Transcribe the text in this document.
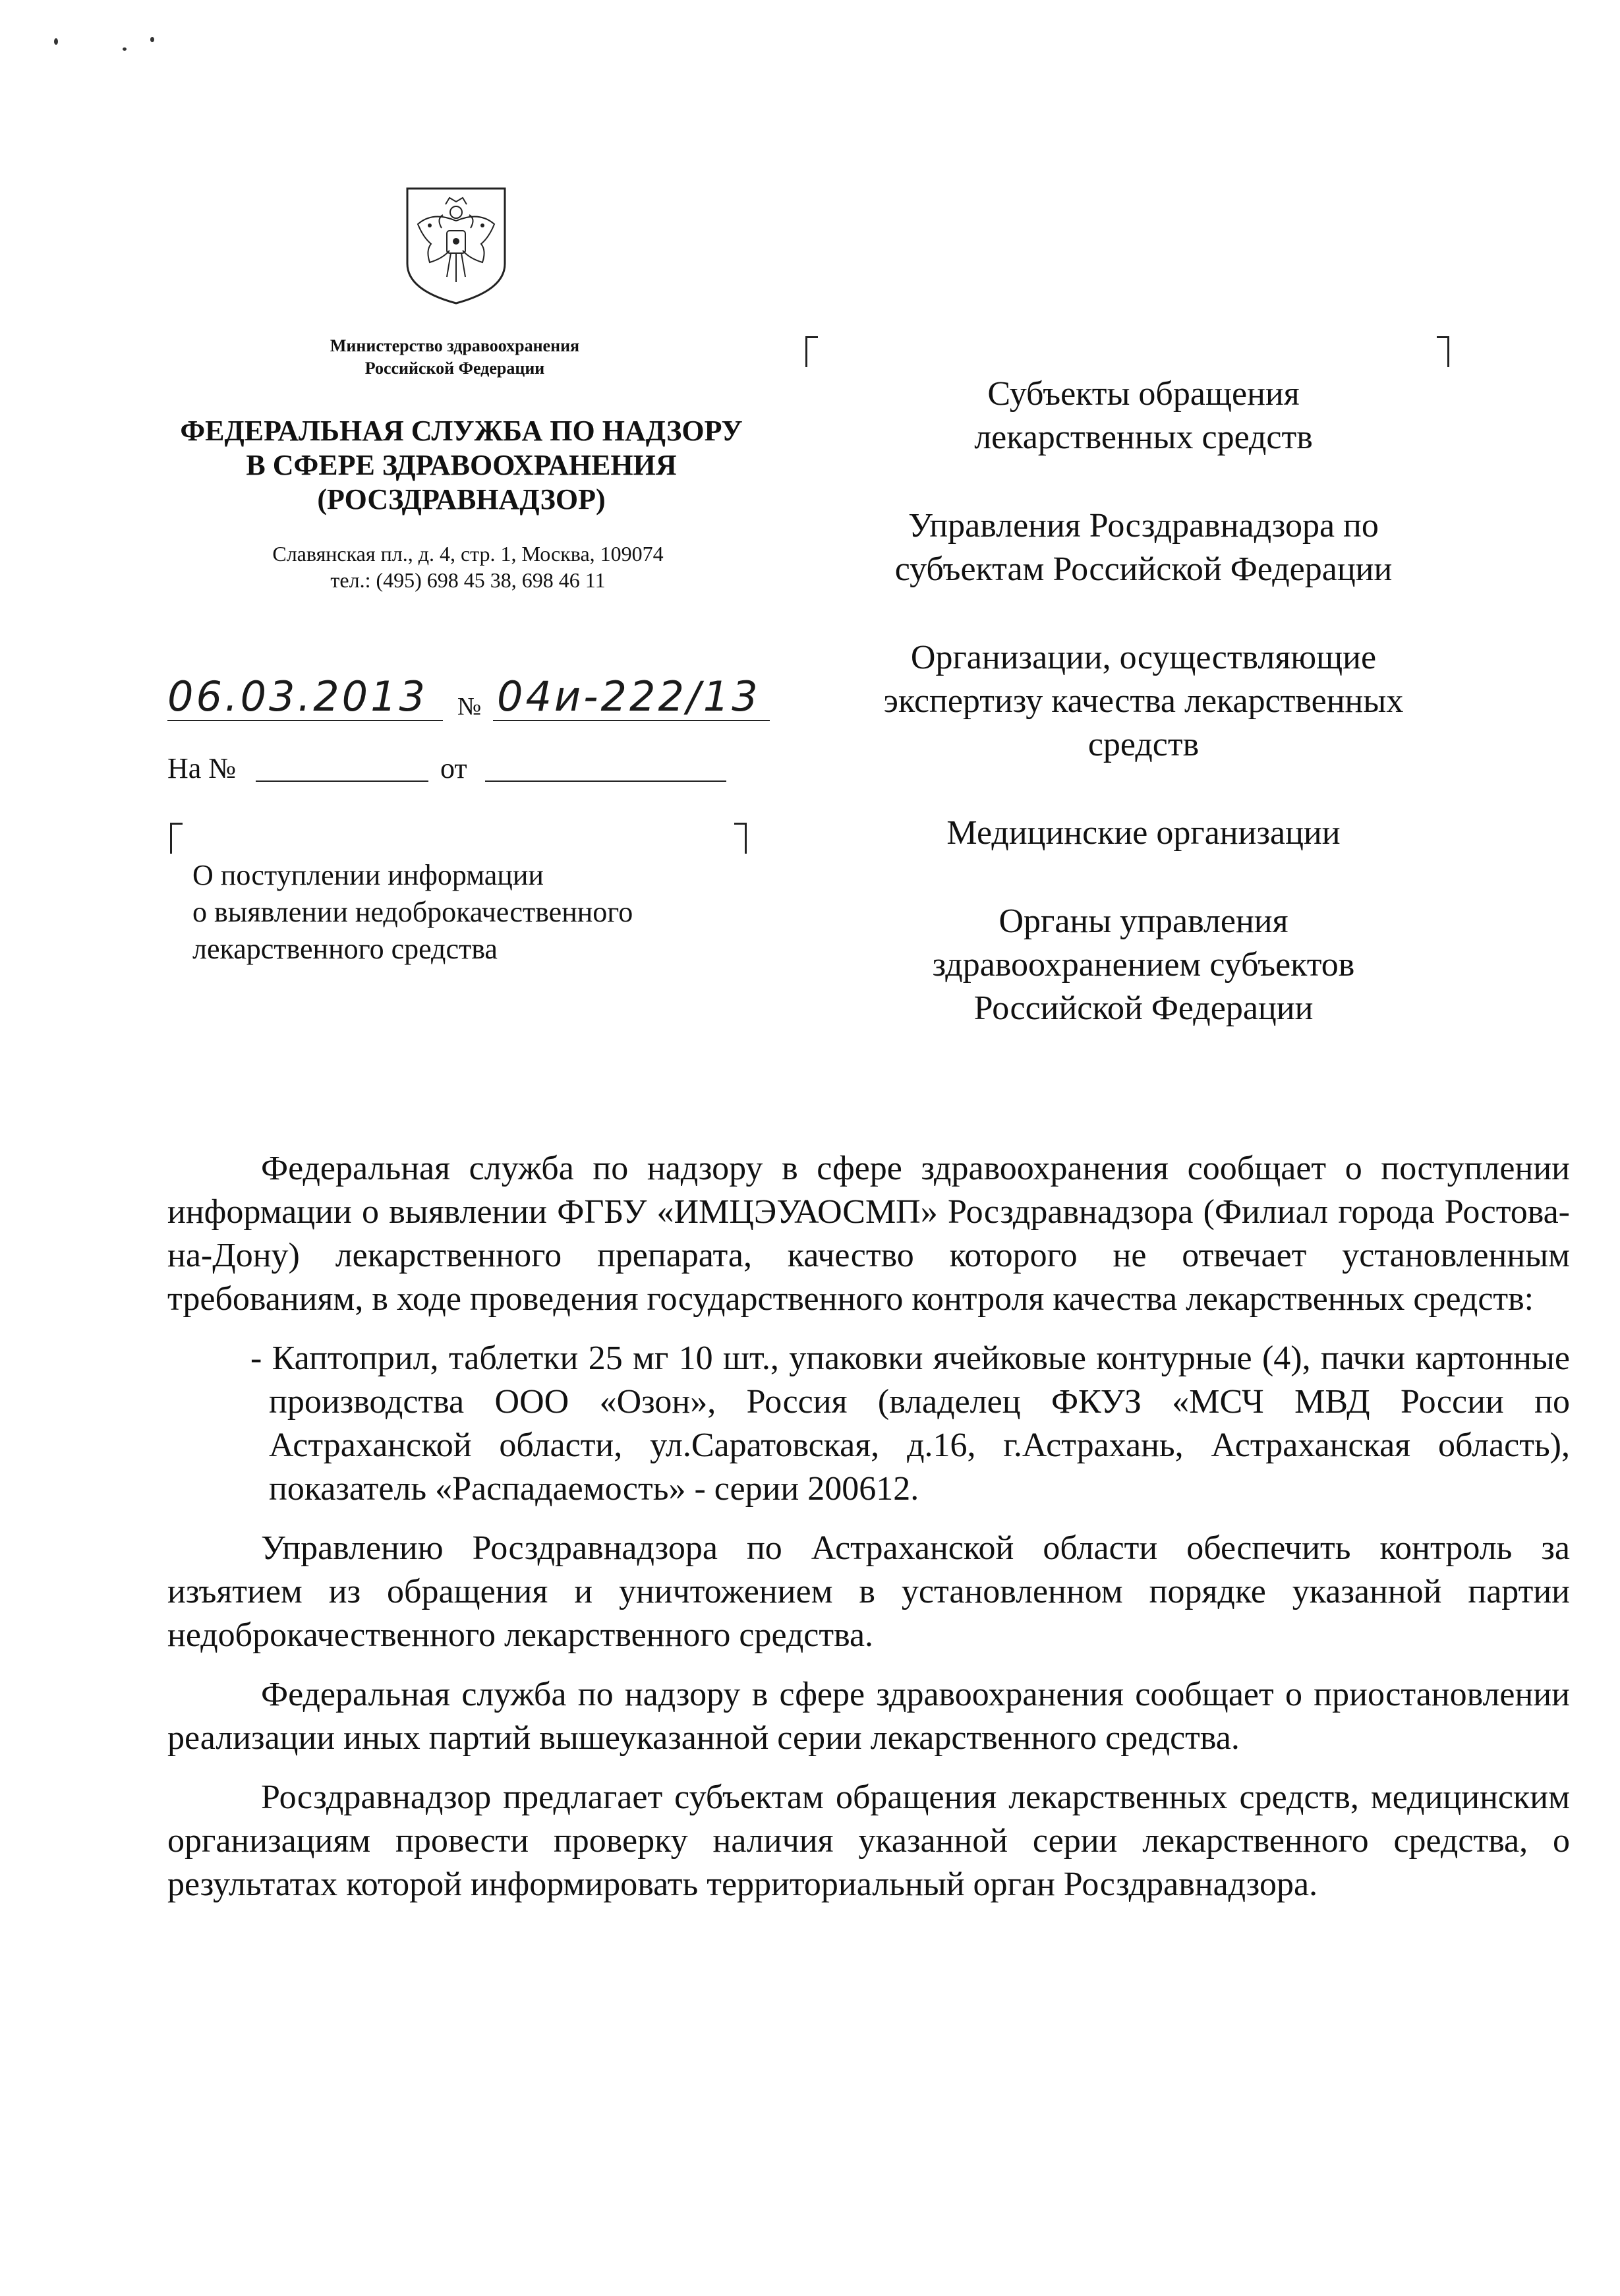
Министерство здравоохранения
Российской Федерации
ФЕДЕРАЛЬНАЯ СЛУЖБА ПО НАДЗОРУ
В СФЕРЕ ЗДРАВООХРАНЕНИЯ
(РОСЗДРАВНАДЗОР)
Славянская пл., д. 4, стр. 1, Москва, 109074
тел.: (495) 698 45 38, 698 46 11
06.03.2013 № 04и-222/13
На №	от
О поступлении информации
о выявлении недоброкачественного
лекарственного средства
Субъекты обращения
лекарственных средств
Управления Росздравнадзора по
субъектам Российской Федерации
Организации, осуществляющие
экспертизу качества лекарственных
средств
Медицинские организации
Органы управления
здравоохранением субъектов
Российской Федерации

Федеральная служба по надзору в сфере здравоохранения сообщает о поступлении информации о выявлении ФГБУ «ИМЦЭУАОСМП» Росздравнадзора (Филиал города Ростова-на-Дону) лекарственного препарата, качество которого не отвечает установленным требованиям, в ходе проведения государственного контроля качества лекарственных средств:

- Каптоприл, таблетки 25 мг 10 шт., упаковки ячейковые контурные (4), пачки картонные производства ООО «Озон», Россия (владелец ФКУЗ «МСЧ МВД России по Астраханской области, ул.Саратовская, д.16, г.Астрахань, Астраханская область), показатель «Распадаемость» - серии 200612.

Управлению Росздравнадзора по Астраханской области обеспечить контроль за изъятием из обращения и уничтожением в установленном порядке указанной партии недоброкачественного лекарственного средства.

Федеральная служба по надзору в сфере здравоохранения сообщает о приостановлении реализации иных партий вышеуказанной серии лекарственного средства.

Росздравнадзор предлагает субъектам обращения лекарственных средств, медицинским организациям провести проверку наличия указанной серии лекарственного средства, о результатах которой информировать территориальный орган Росздравнадзора.
